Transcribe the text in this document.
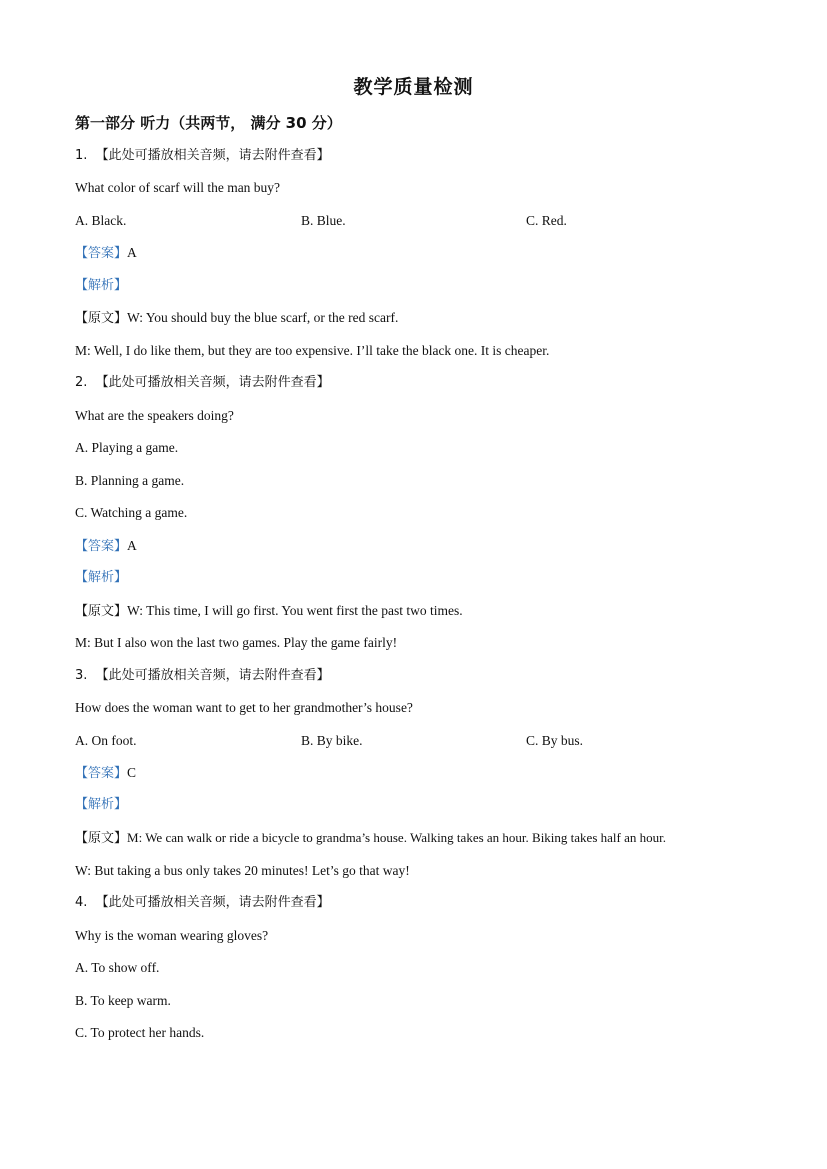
教学质量检测
第一部分 听力（共两节， 满分 30 分）
1.  【此处可播放相关音频，请去附件查看】
What color of scarf will the man buy?
A. Black.	B. Blue.	C. Red.
【答案】A
【解析】
【原文】W: You should buy the blue scarf, or the red scarf.
M: Well, I do like them, but they are too expensive. I’ll take the black one. It is cheaper.
2.  【此处可播放相关音频，请去附件查看】
What are the speakers doing?
A. Playing a game.
B. Planning a game.
C. Watching a game.
【答案】A
【解析】
【原文】W: This time, I will go first. You went first the past two times.
M: But I also won the last two games. Play the game fairly!
3.  【此处可播放相关音频，请去附件查看】
How does the woman want to get to her grandmother’s house?
A. On foot.	B. By bike.	C. By bus.
【答案】C
【解析】
【原文】M: We can walk or ride a bicycle to grandma’s house. Walking takes an hour. Biking takes half an hour.
W: But taking a bus only takes 20 minutes! Let’s go that way!
4.  【此处可播放相关音频，请去附件查看】
Why is the woman wearing gloves?
A. To show off.
B. To keep warm.
C. To protect her hands.
